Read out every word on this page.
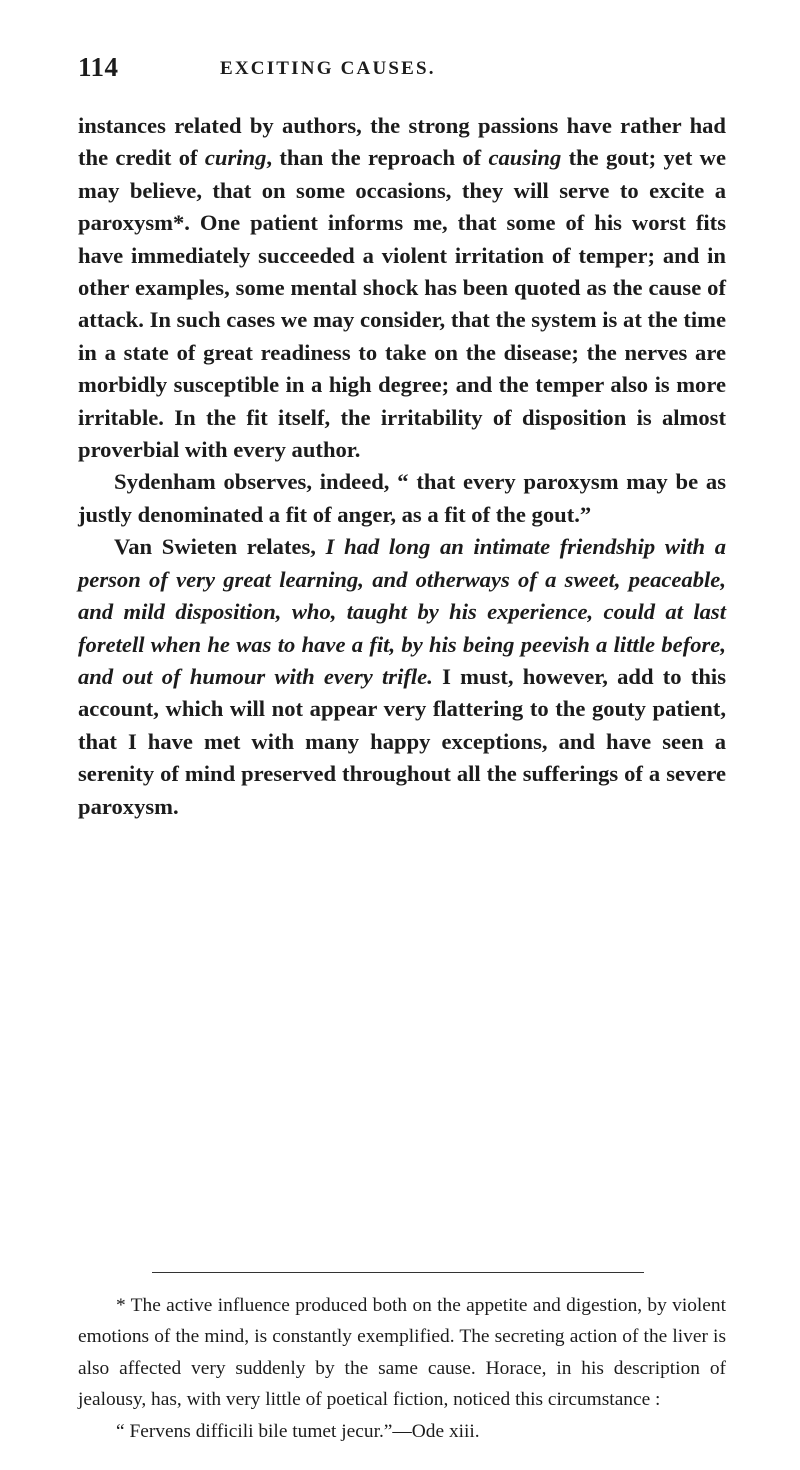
114	EXCITING CAUSES.

instances related by authors, the strong passions have rather had the credit of curing, than the reproach of causing the gout; yet we may believe, that on some occasions, they will serve to excite a paroxysm*. One patient informs me, that some of his worst fits have immediately succeeded a violent irritation of temper; and in other examples, some mental shock has been quoted as the cause of attack. In such cases we may consider, that the system is at the time in a state of great readiness to take on the disease; the nerves are morbidly susceptible in a high degree; and the temper also is more irritable. In the fit itself, the irritability of disposition is almost proverbial with every author.

Sydenham observes, indeed, “ that every paroxysm may be as justly denominated a fit of anger, as a fit of the gout.”

Van Swieten relates, I had long an intimate friendship with a person of very great learning, and otherways of a sweet, peaceable, and mild disposition, who, taught by his experience, could at last foretell when he was to have a fit, by his being peevish a little before, and out of humour with every trifle. I must, however, add to this account, which will not appear very flattering to the gouty patient, that I have met with many happy exceptions, and have seen a serenity of mind preserved throughout all the sufferings of a severe paroxysm.

* The active influence produced both on the appetite and digestion, by violent emotions of the mind, is constantly exemplified. The secreting action of the liver is also affected very suddenly by the same cause. Horace, in his description of jealousy, has, with very little of poetical fiction, noticed this circumstance :

“ Fervens difficili bile tumet jecur.”—Ode xiii.
